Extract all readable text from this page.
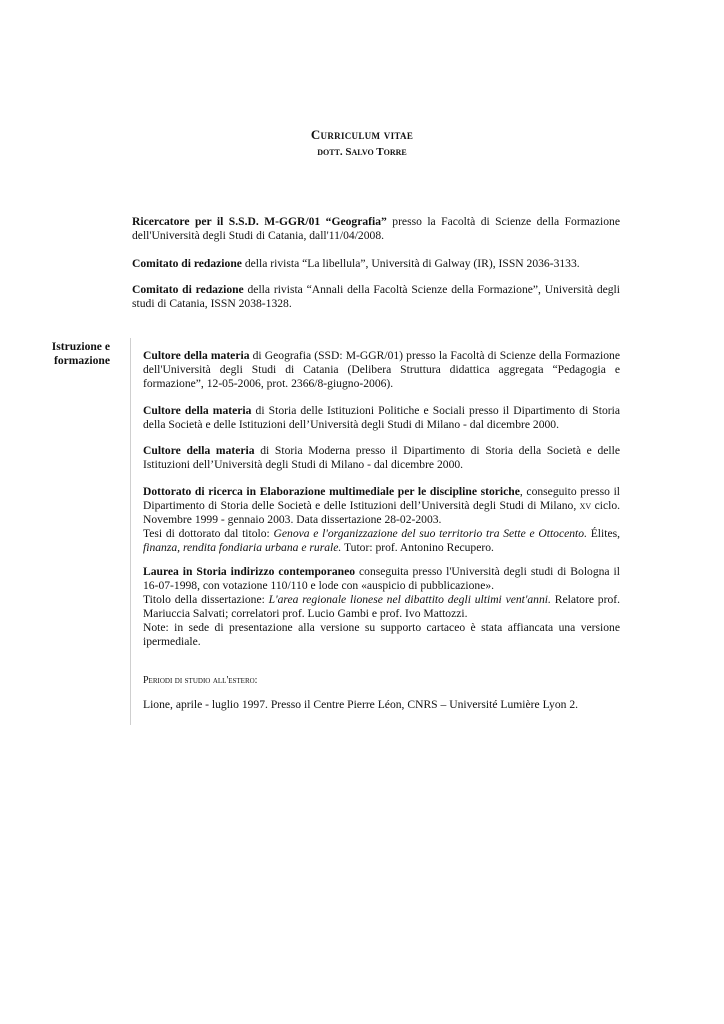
Curriculum vitae
dott. Salvo Torre

Ricercatore per il S.S.D. M-GGR/01 “Geografia” presso la Facoltà di Scienze della Formazione dell'Università degli Studi di Catania, dall'11/04/2008.

Comitato di redazione della rivista “La libellula”, Università di Galway (IR), ISSN 2036-3133.

Comitato di redazione della rivista “Annali della Facoltà Scienze della Formazione”, Università degli studi di Catania, ISSN 2038-1328.

Istruzione e formazione	Cultore della materia di Geografia (SSD: M-GGR/01) presso la Facoltà di Scienze della Formazione dell'Università degli Studi di Catania (Delibera Struttura didattica aggregata “Pedagogia e formazione”, 12-05-2006, prot. 2366/8-giugno-2006).

Cultore della materia di Storia delle Istituzioni Politiche e Sociali presso il Dipartimento di Storia della Società e delle Istituzioni dell’Università degli Studi di Milano - dal dicembre 2000.

Cultore della materia di Storia Moderna presso il Dipartimento di Storia della Società e delle Istituzioni dell’Università degli Studi di Milano - dal dicembre 2000.

Dottorato di ricerca in Elaborazione multimediale per le discipline storiche, conseguito presso il Dipartimento di Storia delle Società e delle Istituzioni dell’Università degli Studi di Milano, xv ciclo. Novembre 1999 - gennaio 2003. Data dissertazione 28-02-2003.
Tesi di dottorato dal titolo: Genova e l'organizzazione del suo territorio tra Sette e Ottocento. Élites, finanza, rendita fondiaria urbana e rurale. Tutor: prof. Antonino Recupero.

Laurea in Storia indirizzo contemporaneo conseguita presso l'Università degli studi di Bologna il 16-07-1998, con votazione 110/110 e lode con «auspicio di pubblicazione».
Titolo della dissertazione: L'area regionale lionese nel dibattito degli ultimi vent'anni. Relatore prof. Mariuccia Salvati; correlatori prof. Lucio Gambi e prof. Ivo Mattozzi.
Note: in sede di presentazione alla versione su supporto cartaceo è stata affiancata una versione ipermediale.

Periodi di studio all'estero:

Lione, aprile - luglio 1997. Presso il Centre Pierre Léon, CNRS – Université Lumière Lyon 2.
